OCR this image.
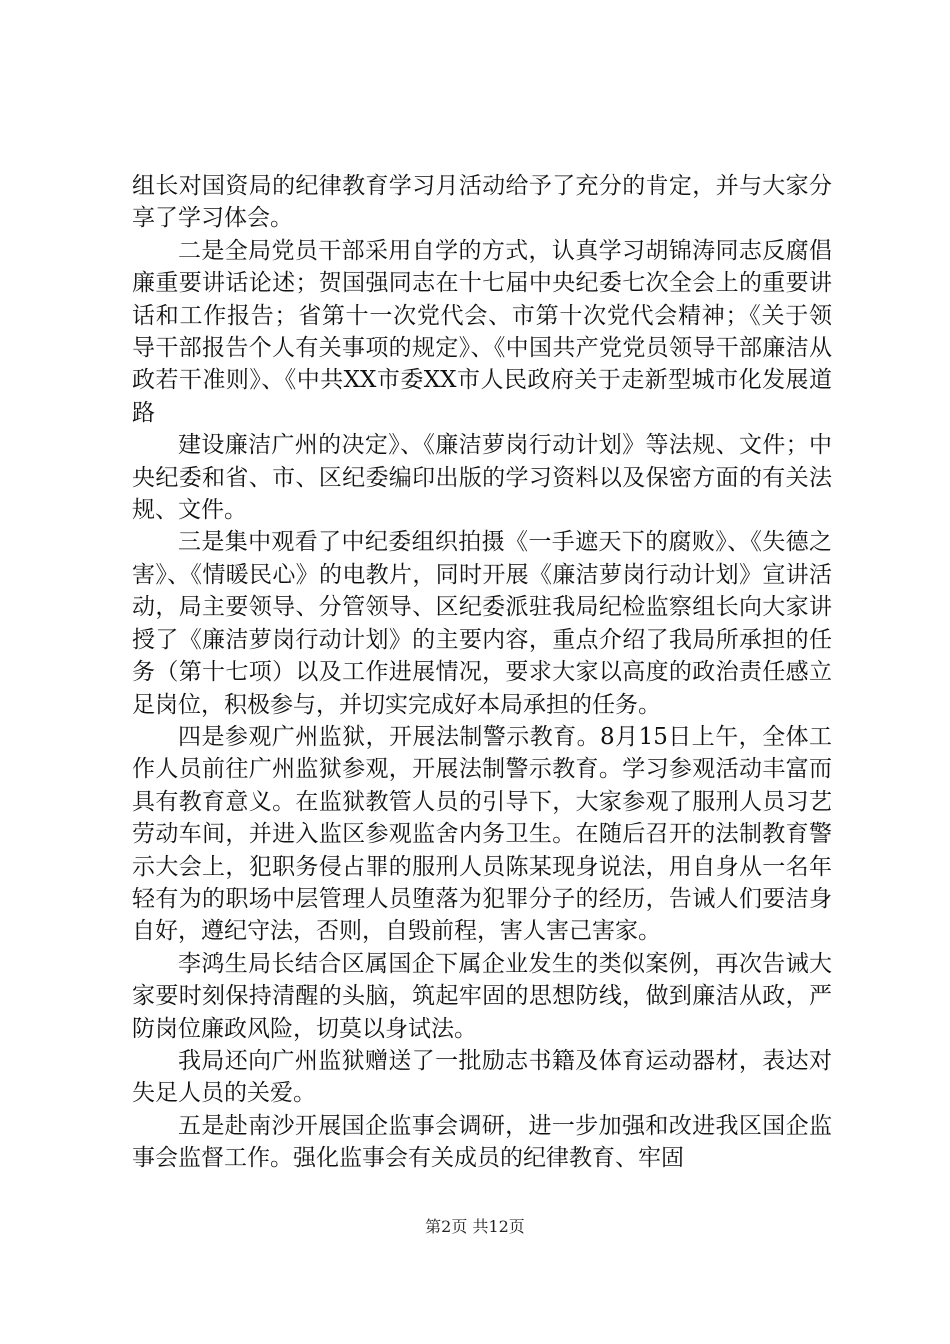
组长对国资局的纪律教育学习月活动给予了充分的肯定，并与大家分享了学习体会。

二是全局党员干部采用自学的方式，认真学习胡锦涛同志反腐倡廉重要讲话论述；贺国强同志在十七届中央纪委七次全会上的重要讲话和工作报告；省第十一次党代会、市第十次党代会精神；《关于领导干部报告个人有关事项的规定》、《中国共产党党员领导干部廉洁从政若干准则》、《中共XX市委XX市人民政府关于走新型城市化发展道路

建设廉洁广州的决定》、《廉洁萝岗行动计划》等法规、文件；中央纪委和省、市、区纪委编印出版的学习资料以及保密方面的有关法规、文件。

三是集中观看了中纪委组织拍摄《一手遮天下的腐败》、《失德之害》、《情暖民心》的电教片，同时开展《廉洁萝岗行动计划》宣讲活动，局主要领导、分管领导、区纪委派驻我局纪检监察组长向大家讲授了《廉洁萝岗行动计划》的主要内容，重点介绍了我局所承担的任务（第十七项）以及工作进展情况，要求大家以高度的政治责任感立足岗位，积极参与，并切实完成好本局承担的任务。

四是参观广州监狱，开展法制警示教育。8月15日上午，全体工作人员前往广州监狱参观，开展法制警示教育。学习参观活动丰富而具有教育意义。在监狱教管人员的引导下，大家参观了服刑人员习艺劳动车间，并进入监区参观监舍内务卫生。在随后召开的法制教育警示大会上，犯职务侵占罪的服刑人员陈某现身说法，用自身从一名年轻有为的职场中层管理人员堕落为犯罪分子的经历，告诫人们要洁身自好，遵纪守法，否则，自毁前程，害人害己害家。

李鸿生局长结合区属国企下属企业发生的类似案例，再次告诫大家要时刻保持清醒的头脑，筑起牢固的思想防线，做到廉洁从政，严防岗位廉政风险，切莫以身试法。

我局还向广州监狱赠送了一批励志书籍及体育运动器材，表达对失足人员的关爱。

五是赴南沙开展国企监事会调研，进一步加强和改进我区国企监事会监督工作。强化监事会有关成员的纪律教育、牢固

第2页 共12页
